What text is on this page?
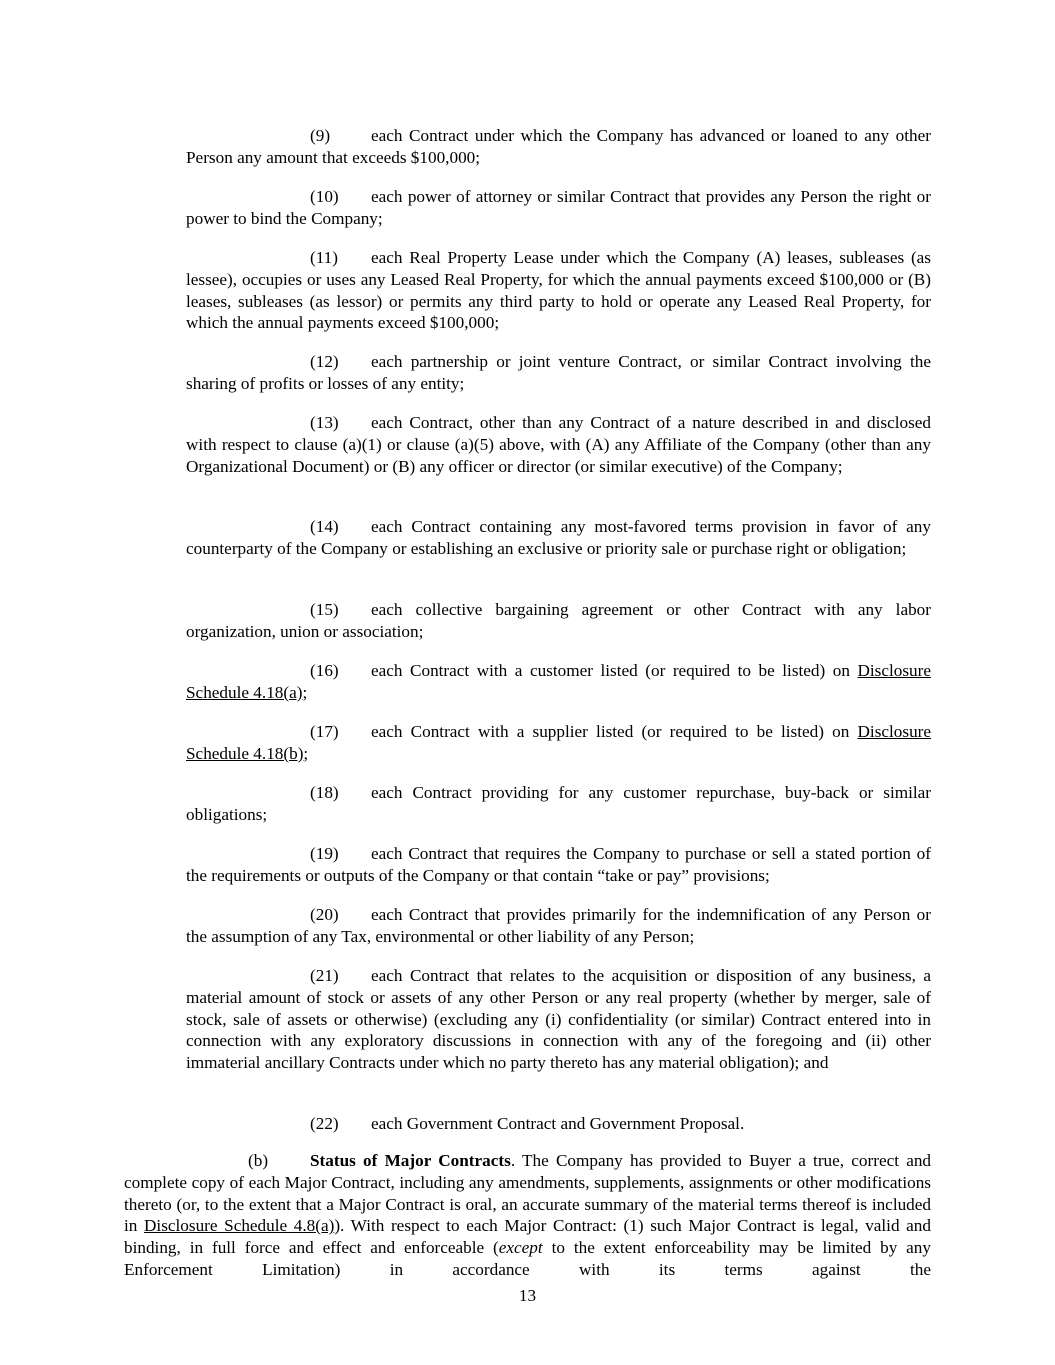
(9) each Contract under which the Company has advanced or loaned to any other Person any amount that exceeds $100,000;

(10) each power of attorney or similar Contract that provides any Person the right or power to bind the Company;

(11) each Real Property Lease under which the Company (A) leases, subleases (as lessee), occupies or uses any Leased Real Property, for which the annual payments exceed $100,000 or (B) leases, subleases (as lessor) or permits any third party to hold or operate any Leased Real Property, for which the annual payments exceed $100,000;

(12) each partnership or joint venture Contract, or similar Contract involving the sharing of profits or losses of any entity;

(13) each Contract, other than any Contract of a nature described in and disclosed with respect to clause (a)(1) or clause (a)(5) above, with (A) any Affiliate of the Company (other than any Organizational Document) or (B) any officer or director (or similar executive) of the Company;

(14) each Contract containing any most-favored terms provision in favor of any counterparty of the Company or establishing an exclusive or priority sale or purchase right or obligation;

(15) each collective bargaining agreement or other Contract with any labor organization, union or association;

(16) each Contract with a customer listed (or required to be listed) on Disclosure Schedule 4.18(a);

(17) each Contract with a supplier listed (or required to be listed) on Disclosure Schedule 4.18(b);

(18) each Contract providing for any customer repurchase, buy-back or similar obligations;

(19) each Contract that requires the Company to purchase or sell a stated portion of the requirements or outputs of the Company or that contain “take or pay” provisions;

(20) each Contract that provides primarily for the indemnification of any Person or the assumption of any Tax, environmental or other liability of any Person;

(21) each Contract that relates to the acquisition or disposition of any business, a material amount of stock or assets of any other Person or any real property (whether by merger, sale of stock, sale of assets or otherwise) (excluding any (i) confidentiality (or similar) Contract entered into in connection with any exploratory discussions in connection with any of the foregoing and (ii) other immaterial ancillary Contracts under which no party thereto has any material obligation); and

(22) each Government Contract and Government Proposal.

(b) Status of Major Contracts. The Company has provided to Buyer a true, correct and complete copy of each Major Contract, including any amendments, supplements, assignments or other modifications thereto (or, to the extent that a Major Contract is oral, an accurate summary of the material terms thereof is included in Disclosure Schedule 4.8(a)). With respect to each Major Contract: (1) such Major Contract is legal, valid and binding, in full force and effect and enforceable (except to the extent enforceability may be limited by any Enforcement Limitation) in accordance with its terms against the

13
